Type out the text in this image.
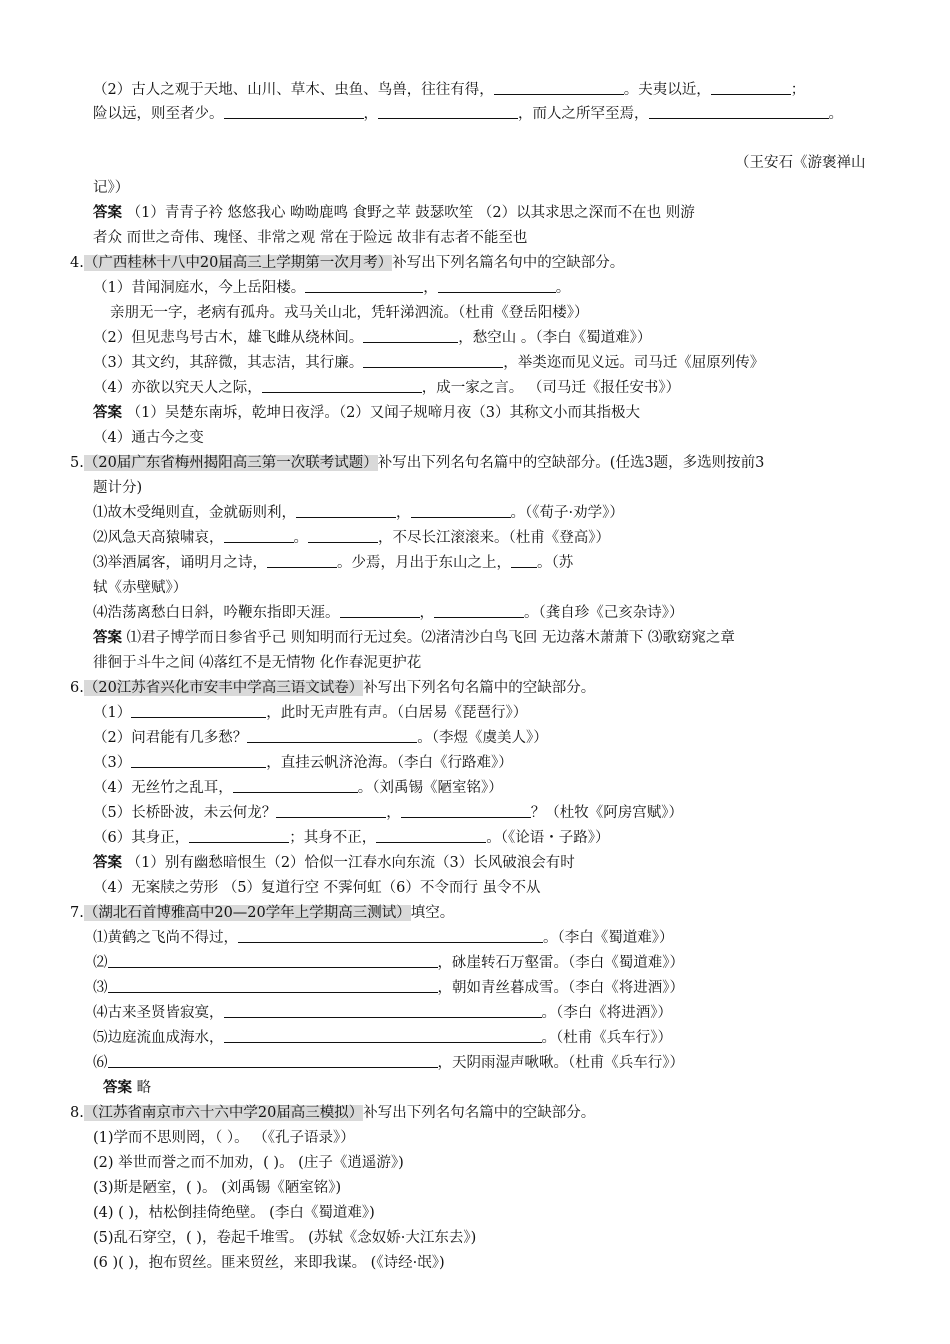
（2）古人之观于天地、山川、草木、虫鱼、鸟兽，往往有得，	。夫夷以近，	；
险以远，则至者少。	，	，而人之所罕至焉，	。
（王安石《游褒禅山
记》）
答案 （1）青青子衿 悠悠我心 呦呦鹿鸣 食野之苹 鼓瑟吹笙 （2）以其求思之深而不在也 则游
者众 而世之奇伟、瑰怪、非常之观 常在于险远 故非有志者不能至也
4.（广西桂林十八中20届高三上学期第一次月考）补写出下列名篇名句中的空缺部分。
（1）昔闻洞庭水，今上岳阳楼。	，	。
亲朋无一字，老病有孤舟。戎马关山北，凭轩涕泗流。（杜甫《登岳阳楼》）
（2）但见悲鸟号古木，雄飞雌从绕林间。	，愁空山 。（李白《蜀道难》）
（3）其文约，其辞微，其志洁，其行廉。	，举类迩而见义远。司马迁《屈原列传》
（4）亦欲以究天人之际，	，成一家之言。 （司马迁《报任安书》）
答案 （1）吴楚东南坼，乾坤日夜浮。（2）又闻子规啼月夜（3）其称文小而其指极大
（4）通古今之变
5.（20届广东省梅州揭阳高三第一次联考试题）补写出下列名句名篇中的空缺部分。(任选3题，多选则按前3
题计分)
⑴故木受绳则直，金就砺则利，	，	。（《荀子·劝学》）
⑵风急天高猿啸哀，	。	，不尽长江滚滚来。（杜甫《登高》）
⑶举酒属客，诵明月之诗，	。少焉，月出于东山之上， 。（苏
轼《赤壁赋》）
⑷浩荡离愁白日斜，吟鞭东指即天涯。	，	。（龚自珍《己亥杂诗》）
答案 ⑴君子博学而日参省乎己 则知明而行无过矣。⑵渚清沙白鸟飞回 无边落木萧萧下 ⑶歌窈窕之章
徘徊于斗牛之间 ⑷落红不是无情物 化作春泥更护花
6.（20江苏省兴化市安丰中学高三语文试卷）补写出下列名句名篇中的空缺部分。
（1）	，此时无声胜有声。（白居易《琵琶行》）
（2）问君能有几多愁？	。（李煜《虞美人》）
（3）	，直挂云帆济沧海。（李白《行路难》）
（4）无丝竹之乱耳，	。（刘禹锡《陋室铭》）
（5）长桥卧波，未云何龙？	，	？（杜牧《阿房宫赋》）
（6）其身正，	；其身不正，	。（《论语・子路》）
答案 （1）别有幽愁暗恨生（2）恰似一江春水向东流（3）长风破浪会有时
（4）无案牍之劳形 （5）复道行空 不霁何虹（6）不令而行 虽令不从
7.（湖北石首博雅高中20—20学年上学期高三测试）填空。
⑴黄鹤之飞尚不得过，	。（李白《蜀道难》）
⑵	，砯崖转石万壑雷。（李白《蜀道难》）
⑶	，朝如青丝暮成雪。（李白《将进酒》）
⑷古来圣贤皆寂寞，	。（李白《将进酒》）
⑸边庭流血成海水，	。（杜甫《兵车行》）
⑹	，天阴雨湿声啾啾。（杜甫《兵车行》）
答案 略
8.（江苏省南京市六十六中学20届高三模拟）补写出下列名句名篇中的空缺部分。
(1)学而不思则罔，（ ）。 （《孔子语录》）
(2) 举世而誉之而不加劝，( )。 (庄子《逍遥游》)
(3)斯是陋室，( )。 (刘禹锡《陋室铭》)
(4) ( )，枯松倒挂倚绝壁。 (李白《蜀道难》)
(5)乱石穿空，( )，卷起千堆雪。 (苏轼《念奴娇·大江东去》)
(6 )( )，抱布贸丝。匪来贸丝，来即我谋。 (《诗经·氓》)
